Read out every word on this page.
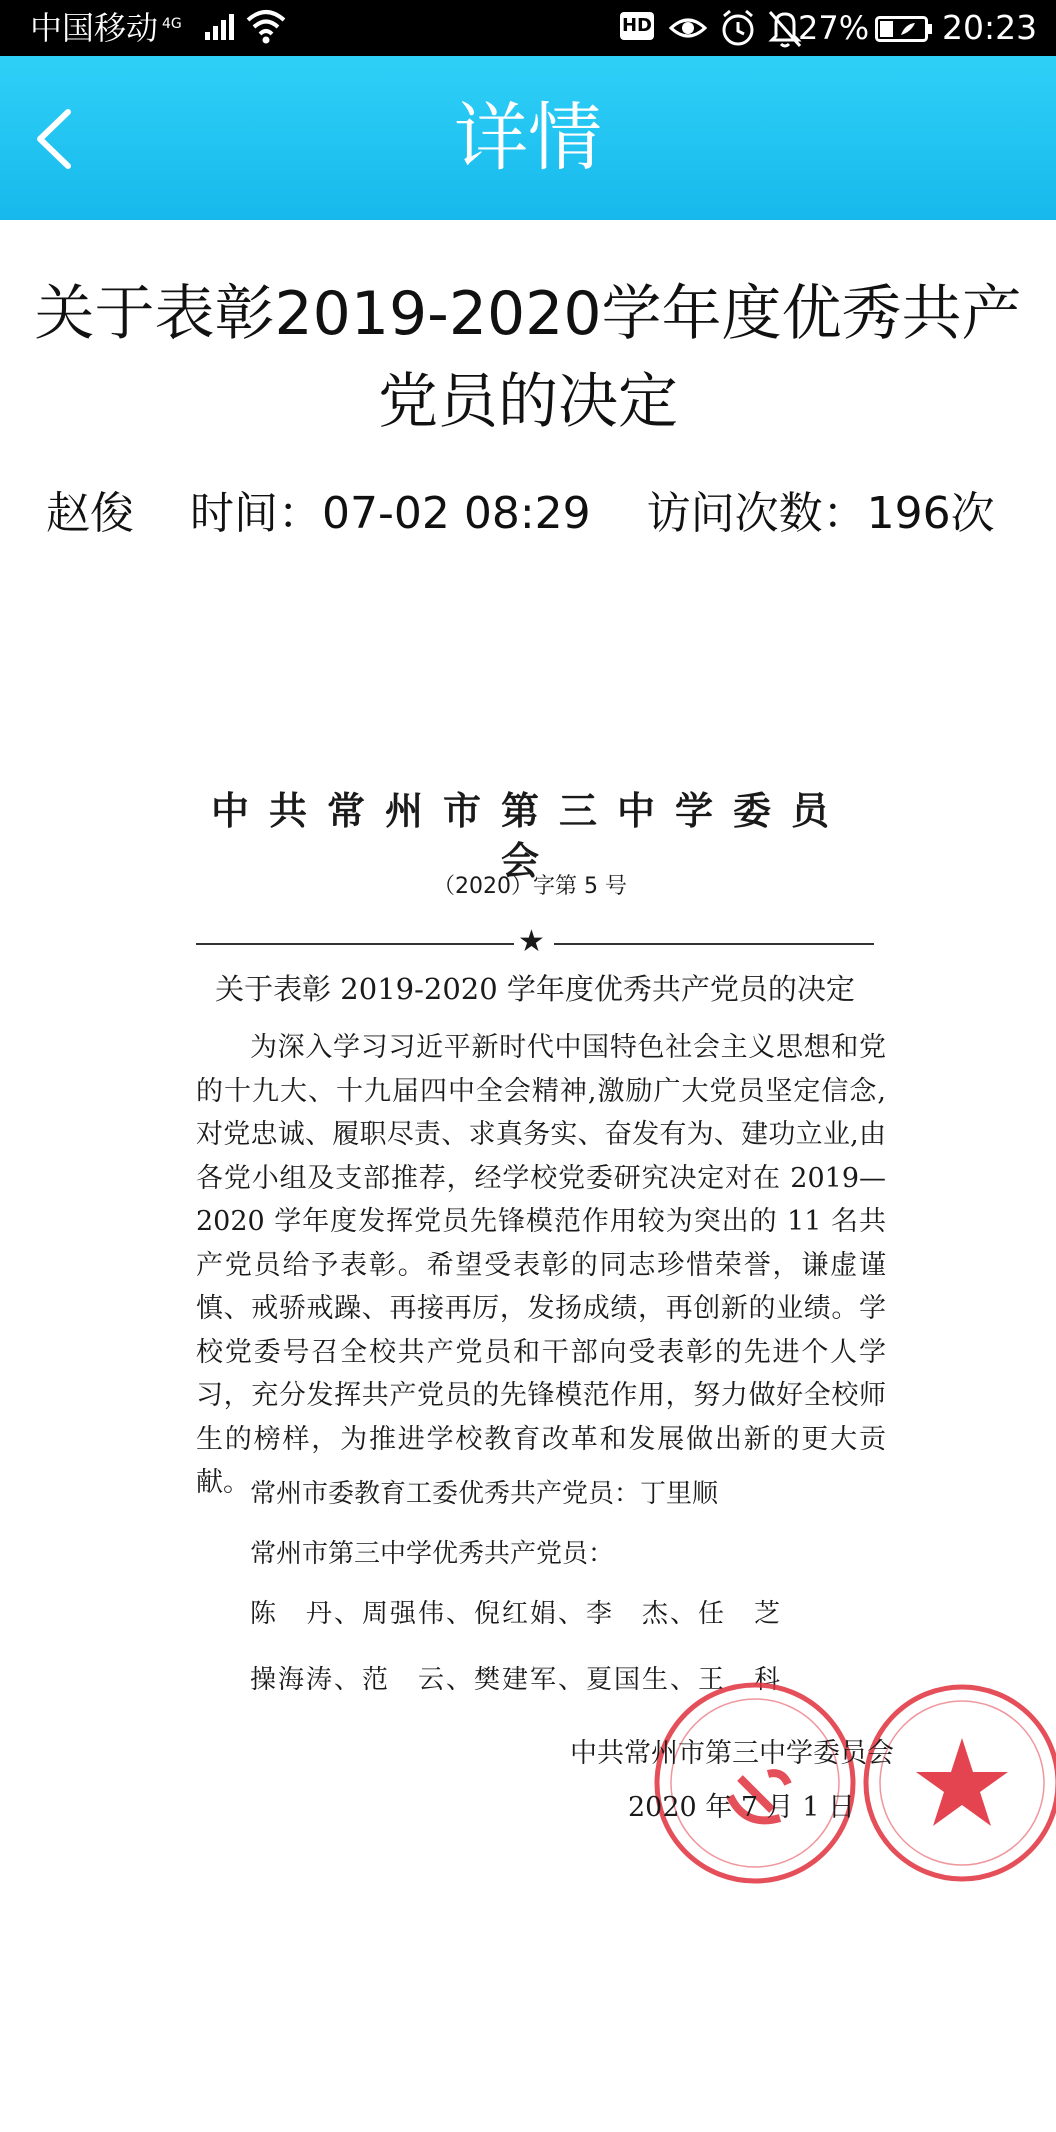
中国移动 $^{4G}$	HD	27% 20:23
详情
关于表彰2019-2020学年度优秀共产党员的决定
赵俊 时间：07-02 08:29 访问次数：196次
中共常州市第三中学委员会
（2020）字第 5 号
★
关于表彰 2019-2020 学年度优秀共产党员的决定
为深入学习习近平新时代中国特色社会主义思想和党的十九大、十九届四中全会精神,激励广大党员坚定信念,对党忠诚、履职尽责、求真务实、奋发有为、建功立业,由各党小组及支部推荐，经学校党委研究决定对在 2019—2020 学年度发挥党员先锋模范作用较为突出的 11 名共产党员给予表彰。希望受表彰的同志珍惜荣誉，谦虚谨慎、戒骄戒躁、再接再厉，发扬成绩，再创新的业绩。学校党委号召全校共产党员和干部向受表彰的先进个人学习，充分发挥共产党员的先锋模范作用，努力做好全校师生的榜样，为推进学校教育改革和发展做出新的更大贡献。 常州市委教育工委优秀共产党员：丁里顺
常州市第三中学优秀共产党员：
陈　丹、周强伟、倪红娟、李　杰、任　芝
操海涛、范　云、樊建军、夏国生、王　科
中共常州市第三中学委员会
2020 年 7 月 1 日
